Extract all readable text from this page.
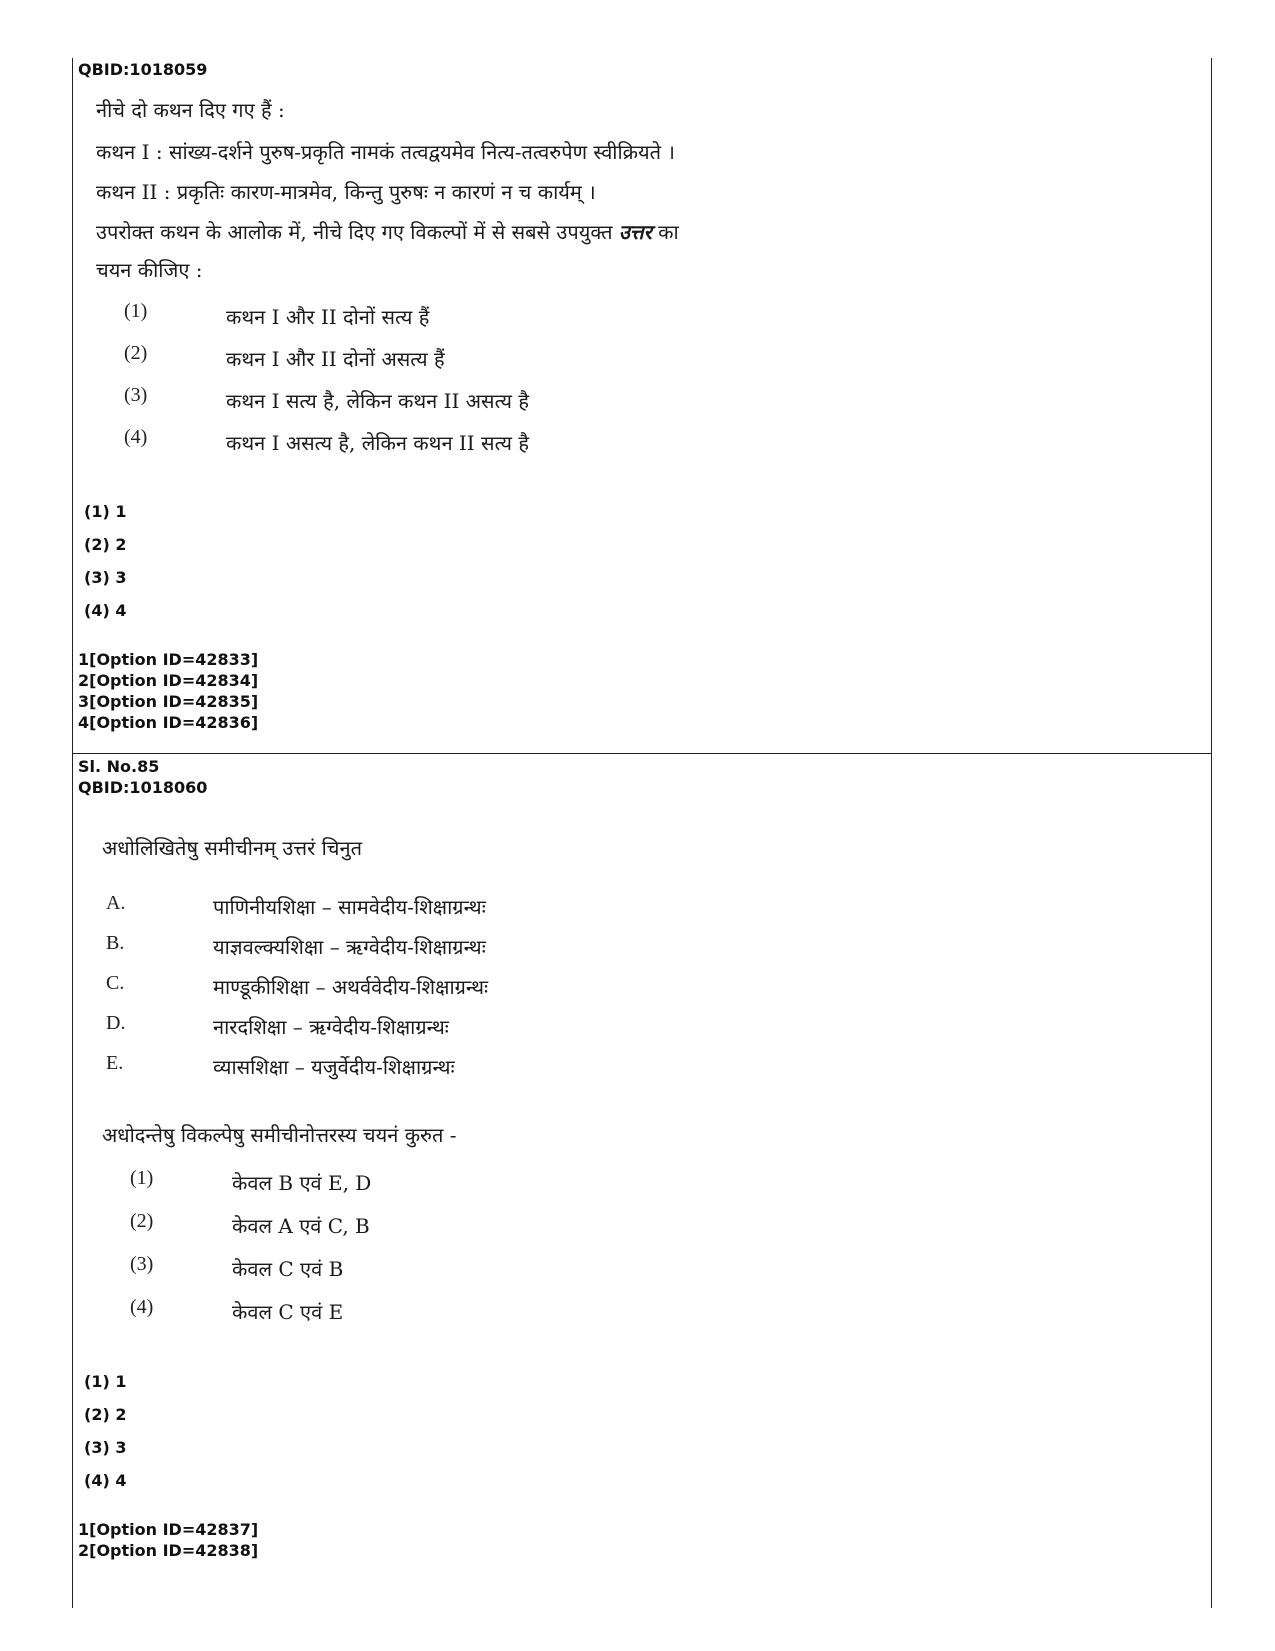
QBID:1018059
नीचे दो कथन दिए गए हैं :
कथन I : सांख्य-दर्शने पुरुष-प्रकृति नामकं तत्वद्वयमेव नित्य-तत्वरुपेण स्वीक्रियते ।
कथन II : प्रकृतिः कारण-मात्रमेव, किन्तु पुरुषः न कारणं न च कार्यम् ।
उपरोक्त कथन के आलोक में, नीचे दिए गए विकल्पों में से सबसे उपयुक्त उत्तर का
चयन कीजिए :
(1)	कथन I और II दोनों सत्य हैं
(2)	कथन I और II दोनों असत्य हैं
(3)	कथन I सत्य है, लेकिन कथन II असत्य है
(4)	कथन I असत्य है, लेकिन कथन II सत्य है
(1) 1
(2) 2
(3) 3
(4) 4
1[Option ID=42833]
2[Option ID=42834]
3[Option ID=42835]
4[Option ID=42836]
Sl. No.85
QBID:1018060
अधोलिखितेषु समीचीनम् उत्तरं चिनुत
A.	पाणिनीयशिक्षा – सामवेदीय-शिक्षाग्रन्थः
B.	याज्ञवल्क्यशिक्षा – ऋग्वेदीय-शिक्षाग्रन्थः
C.	माण्डूकीशिक्षा – अथर्ववेदीय-शिक्षाग्रन्थः
D.	नारदशिक्षा – ऋग्वेदीय-शिक्षाग्रन्थः
E.	व्यासशिक्षा – यजुर्वेदीय-शिक्षाग्रन्थः
अधोदन्तेषु विकल्पेषु समीचीनोत्तरस्य चयनं कुरुत -
(1)	केवल B एवं E, D
(2)	केवल A एवं C, B
(3)	केवल C एवं B
(4)	केवल C एवं E
(1) 1
(2) 2
(3) 3
(4) 4
1[Option ID=42837]
2[Option ID=42838]
